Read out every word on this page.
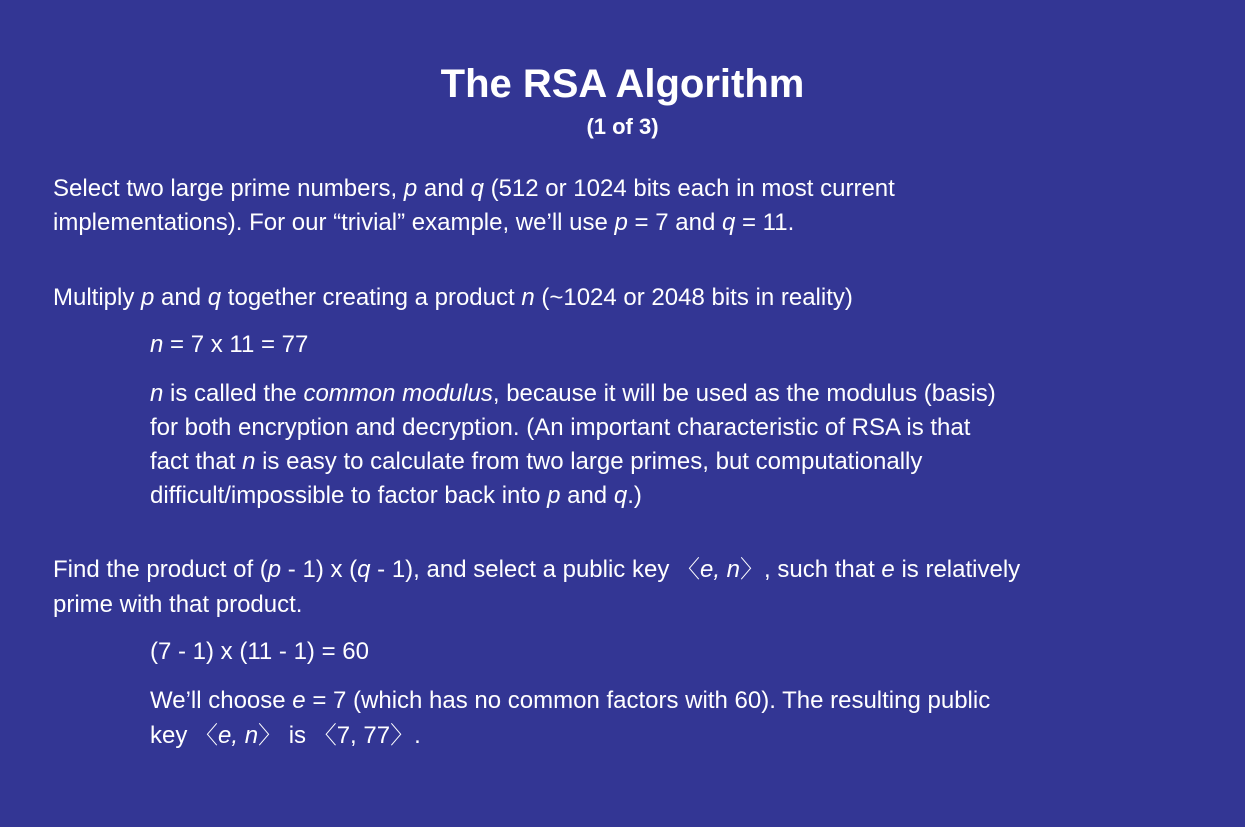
The RSA Algorithm
(1 of 3)

Select two large prime numbers, p and q (512 or 1024 bits each in most current

implementations). For our “trivial” example, we’ll use p = 7 and q = 11.

Multiply p and q together creating a product n (~1024 or 2048 bits in reality)

n = 7 x 11 = 77

n is called the common modulus, because it will be used as the modulus (basis)

for both encryption and decryption. (An important characteristic of RSA is that

fact that n is easy to calculate from two large primes, but computationally

difficult/impossible to factor back into p and q.)

Find the product of (p - 1) x (q - 1), and select a public key 〈e, n〉, such that e is relatively

prime with that product.

(7 - 1) x (11 - 1) = 60

We’ll choose e = 7 (which has no common factors with 60). The resulting public

key 〈e, n〉 is 〈7, 77〉.
